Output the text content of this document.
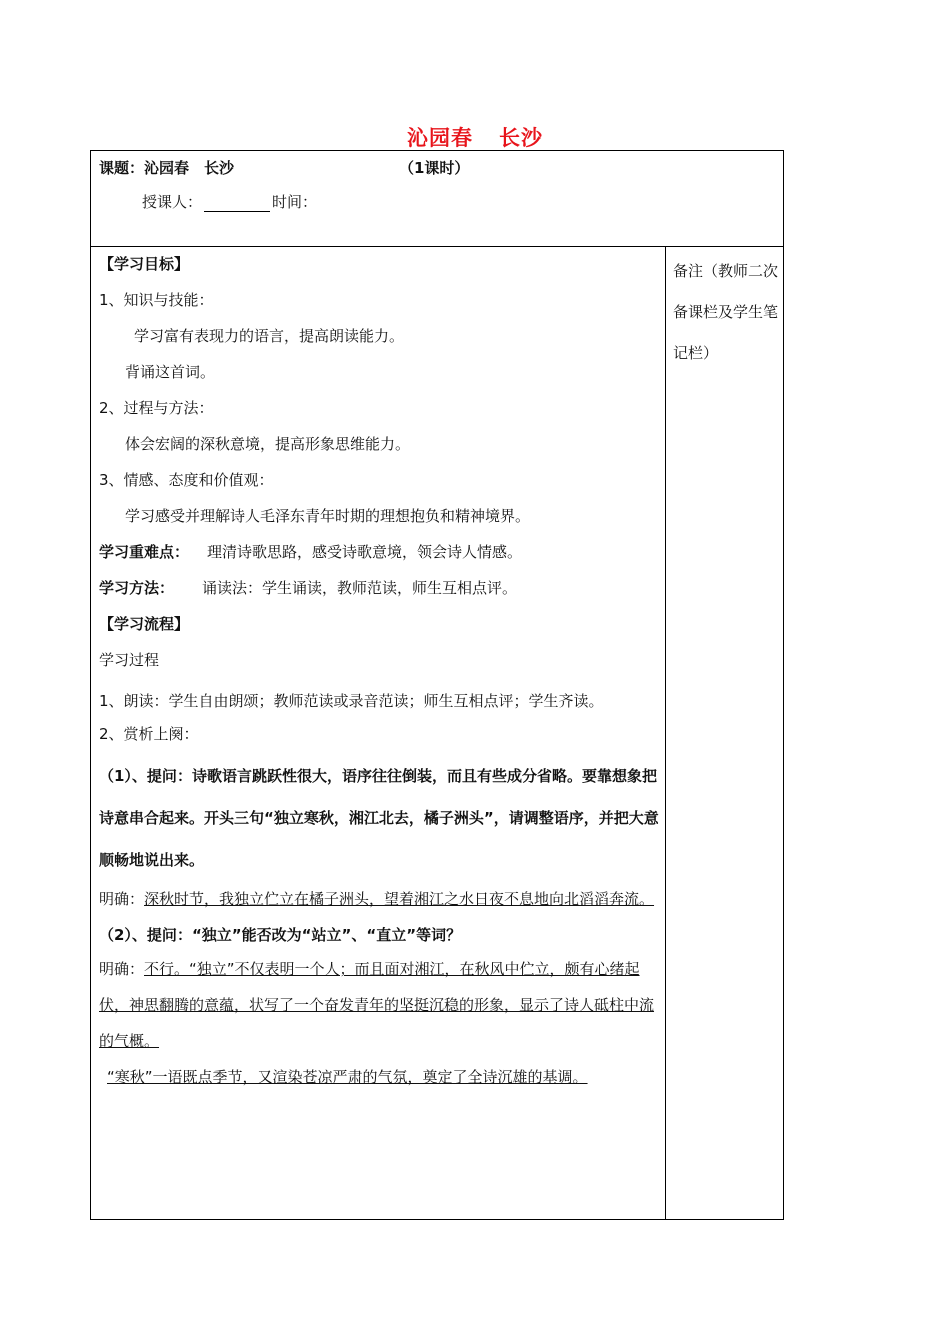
沁园春 长沙
课题：沁园春　长沙	（1课时）
授课人：	时间：

【学习目标】

1、知识与技能：

学习富有表现力的语言，提高朗读能力。

背诵这首词。

2、过程与方法：

体会宏阔的深秋意境，提高形象思维能力。

3、情感、态度和价值观：

学习感受并理解诗人毛泽东青年时期的理想抱负和精神境界。

学习重难点： 理清诗歌思路，感受诗歌意境，领会诗人情感。

学习方法： 诵读法：学生诵读，教师范读，师生互相点评。

【学习流程】

学习过程

1、朗读：学生自由朗颂；教师范读或录音范读；师生互相点评；学生齐读。

2、赏析上阕：

（1）、提问：诗歌语言跳跃性很大，语序往往倒装，而且有些成分省略。要靠想象把诗意串合起来。开头三句“独立寒秋，湘江北去，橘子洲头”，请调整语序，并把大意顺畅地说出来。

明确：深秋时节，我独立伫立在橘子洲头，望着湘江之水日夜不息地向北滔滔奔流。

（2）、提问：“独立”能否改为“站立”、“直立”等词？

明确：不行。“独立”不仅表明一个人；而且面对湘江，在秋风中伫立，颇有心绪起伏，神思翻腾的意蕴，状写了一个奋发青年的坚挺沉稳的形象，显示了诗人砥柱中流的气概。

“寒秋”一语既点季节，又渲染苍凉严肃的气氛，奠定了全诗沉雄的基调。

备注（教师二次备课栏及学生笔记栏）
